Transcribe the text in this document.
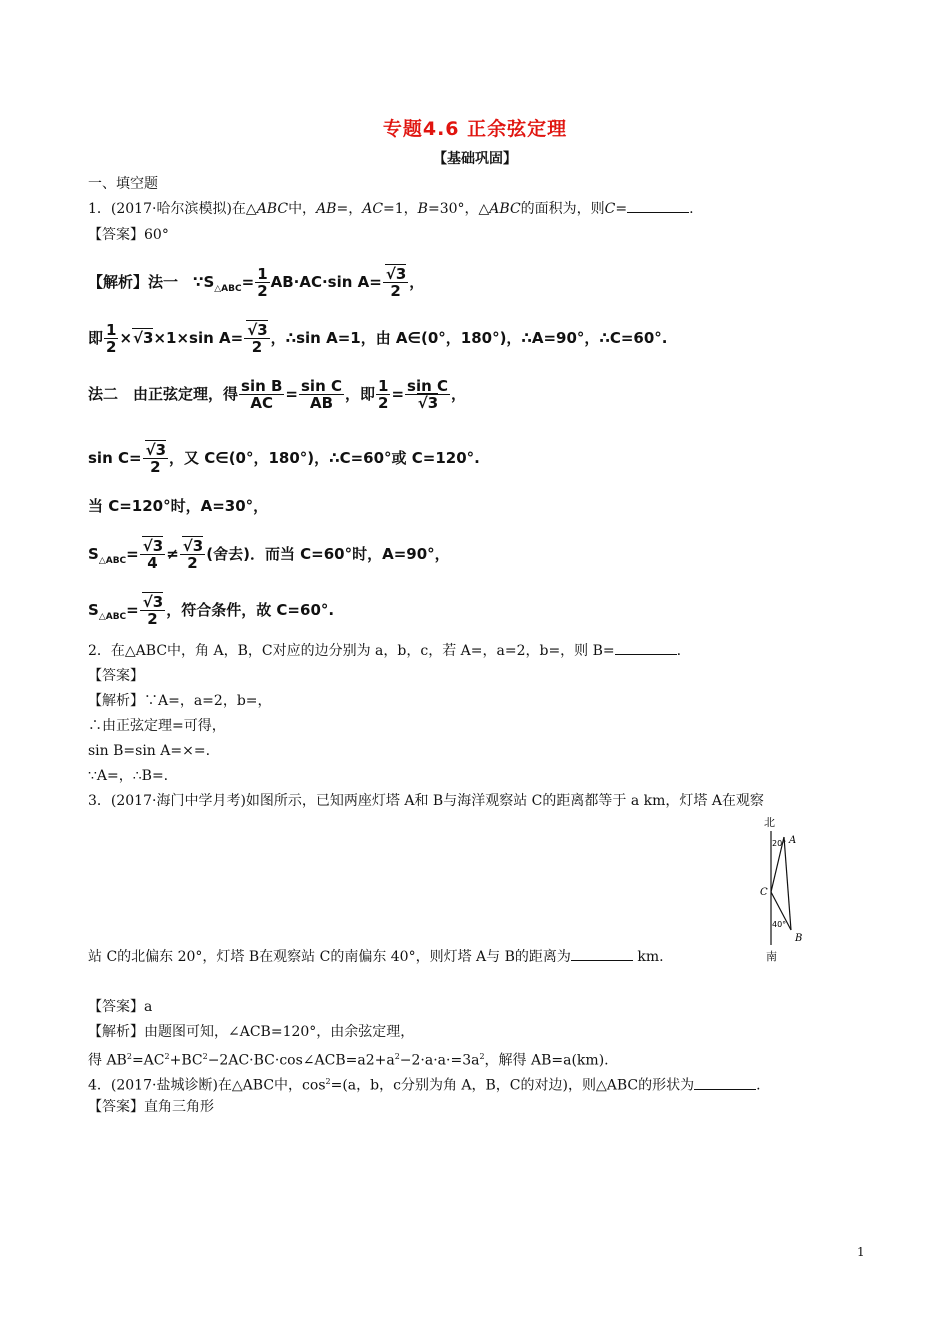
专题4.6 正余弦定理
【基础巩固】
一、填空题
1．(2017·哈尔滨模拟)在△ABC中，AB=，AC=1，B=30°，△ABC的面积为，则C=	.
【答案】60°
【解析】法一　$\because S_{\triangle ABC}= \frac{1}{2} AB\cdot AC\cdot\sin$ A= √ $\frac{3}{2}$ ，
即 $\frac{1}{2}$ × √ 3×1×sin A= √ $\frac{3}{2}$ ，∴sin A=1，由 A∈(0°，180°)，∴A=90°，∴C=60°.
法二　由正弦定理，得 $\frac{\text{sin B}}{AC} = \frac{\text{sin C}}{AB}$ ，即 $\frac{1}{2} = \sin C$
√ 3 ，
sin C= √ $\frac{3}{2}$ ，又 C∈(0°，180°)，∴C=60°或 C=120°.
当 C=120°时，A=30°，
$S_{\triangle ABC}=$ √ $\frac{3}{4}$ ≠ √ $\frac{3}{2}$ (舍去)．而当 C=60°时，A=90°，
$S_{\triangle ABC}=$ √ $\frac{3}{2}$ ，符合条件，故 C=60°.
2．在△ABC中，角 A，B，C对应的边分别为 a，b，c，若 A=，a=2，b=，则 B=	.
【答案】
【解析】∵A=，a=2，b=，
∴由正弦定理=可得，
sin B=sin A=×=.
∵A=，∴B=.
3．(2017·海门中学月考)如图所示，已知两座灯塔 A和 B与海洋观察站 C的距离都等于 a km，灯塔 A在观察
北
20° A
C
40°
B
南
站 C的北偏东 20°，灯塔 B在观察站 C的南偏东 40°，则灯塔 A与 B的距离为	km.
【答案】a
【解析】由题图可知，∠ACB=120°，由余弦定理，
得 $AB^2=AC^2+BC^2-2AC\cdot BC\cdot\cos\angle ACB=a2+a^2-2\cdot a\cdot a\cdot=3a^2$，解得 AB=a(km).
4．(2017·盐城诊断)在△ABC中，$\cos^2=(a$，b，c分别为角 A，B，C的对边)，则△ABC的形状为	.
【答案】直角三角形
1
